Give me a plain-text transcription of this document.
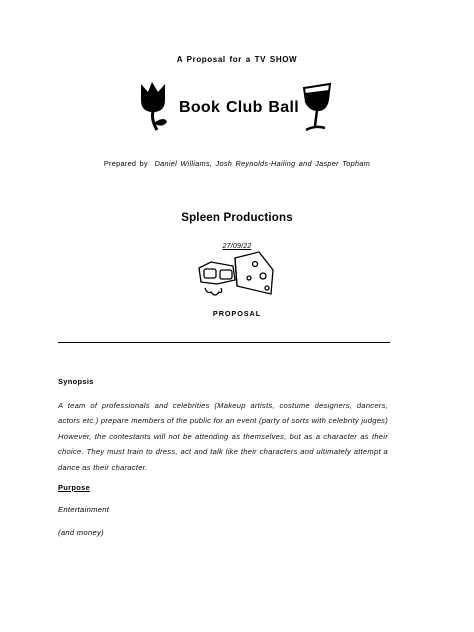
A Proposal for a TV SHOW
Book Club Ball
Prepared by Daniel Williams, Josh Reynolds-Hailing and Jasper Topham
Spleen Productions
27/09/22
PROPOSAL
Synopsis
A team of professionals and celebrities (Makeup artists, costume designers, dancers, actors etc.) prepare members of the public for an event (party of sorts with celebrity judges) However, the contestants will not be attending as themselves, but as a character as their choice. They must train to dress, act and talk like their characters and ultimately attempt a dance as their character.
Purpose
Entertainment
(and money)
